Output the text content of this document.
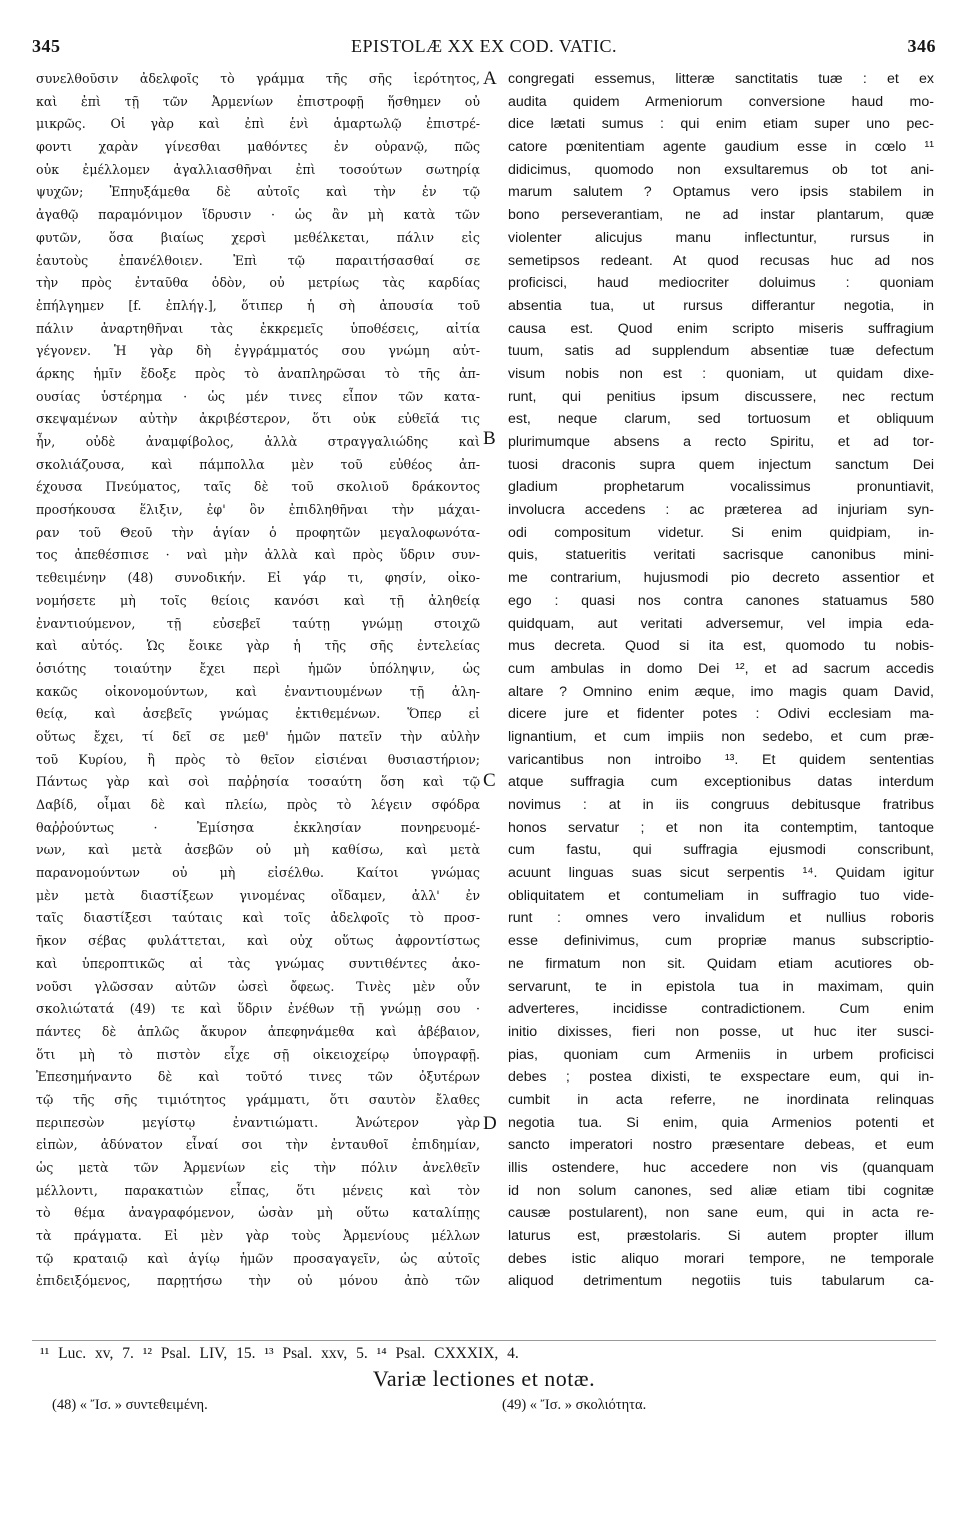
345	EPISTOLÆ XX EX COD. VATIC.	346
συνελθοῦσιν ἀδελφοῖς τὸ γράμμα τῆς σῆς ἱερότητος,
καὶ ἐπὶ τῇ τῶν Ἀρμενίων ἐπιστροφῇ ἥσθημεν οὐ
μικρῶς. Οἱ γὰρ καὶ ἐπὶ ἑνὶ ἁμαρτωλῷ ἐπιστρέ-
φοντι χαρὰν γίνεσθαι μαθόντες ἐν οὐρανῷ, πῶς
οὐκ ἐμέλλομεν ἀγαλλιασθῆναι ἐπὶ τοσούτων σωτηρίᾳ
ψυχῶν; Ἐπηυξάμεθα δὲ αὐτοῖς καὶ τὴν ἐν τῷ
ἀγαθῷ παραμόνιμον ἵδρυσιν · ὡς ἂν μὴ κατὰ τῶν
φυτῶν, ὅσα βιαίως χερσὶ μεθέλκεται, πάλιν εἰς
ἑαυτοὺς ἐπανέλθοιεν. Ἐπὶ τῷ παραιτήσασθαί σε
τὴν πρὸς ἐνταῦθα ὁδὸν, οὐ μετρίως τὰς καρδίας
ἐπήλγημεν [f. ἐπλήγ.], ὅτιπερ ἡ σὴ ἀπουσία τοῦ
πάλιν ἀναρτηθῆναι τὰς ἐκκρεμεῖς ὑποθέσεις, αἰτία
γέγονεν. Ἡ γὰρ δὴ ἐγγράμματός σου γνώμη αὐτ-
άρκης ἡμῖν ἔδοξε πρὸς τὸ ἀναπληρῶσαι τὸ τῆς ἀπ-
ουσίας ὑστέρημα · ὡς μέν τινες εἶπον τῶν κατα-
σκεψαμένων αὐτὴν ἀκριβέστερον, ὅτι οὐκ εὐθεῖά τις
ἦν, οὐδὲ ἀναμφίβολος, ἀλλὰ στραγγαλιώδης καὶ
σκολιάζουσα, καὶ πάμπολλα μὲν τοῦ εὐθέος ἀπ-
έχουσα Πνεύματος, ταῖς δὲ τοῦ σκολιοῦ δράκοντος
προσήκουσα ἕλιξιν, ἐφ' ὃν ἐπιδληθῆναι τὴν μάχαι-
ραν τοῦ Θεοῦ τὴν ἁγίαν ὁ προφητῶν μεγαλοφωνότα-
τος ἀπεθέσπισε · ναὶ μὴν ἀλλὰ καὶ πρὸς ὕδριν συν-
τεθειμένην (48) συνοδικήν. Εἰ γάρ τι, φησίν, οἰκο-
νομήσετε μὴ τοῖς θείοις κανόσι καὶ τῇ ἀληθείᾳ
ἐναντιούμενον, τῇ εὐσεβεῖ ταύτῃ γνώμῃ στοιχῶ
καὶ αὐτός. Ὡς ἔοικε γὰρ ἡ τῆς σῆς ἐντελείας
ὁσιότης τοιαύτην ἔχει περὶ ἡμῶν ὑπόληψιν, ὡς
κακῶς οἰκονομούντων, καὶ ἐναντιουμένων τῇ ἀλη-
θείᾳ, καὶ ἀσεβεῖς γνώμας ἐκτιθεμένων. Ὅπερ εἰ
οὕτως ἔχει, τί δεῖ σε μεθ' ἡμῶν πατεῖν τὴν αὐλὴν
τοῦ Κυρίου, ἢ πρὸς τὸ θεῖον εἰσιέναι θυσιαστήριον;
Πάντως γὰρ καὶ σοὶ παῤῥησία τοσαύτη ὅση καὶ τῷ
Δαβίδ, οἶμαι δὲ καὶ πλείω, πρὸς τὸ λέγειν σφόδρα
θαῤῥούντως · Ἐμίσησα ἐκκλησίαν πονηρευομέ-
νων, καὶ μετὰ ἀσεβῶν οὐ μὴ καθίσω, καὶ μετὰ
παρανομούντων οὐ μὴ εἰσέλθω. Καίτοι γνώμας
μὲν μετὰ διαστίξεων γινομένας οἴδαμεν, ἀλλ' ἐν
ταῖς διαστίξεσι ταύταις καὶ τοῖς ἀδελφοῖς τὸ προσ-
ῆκον σέβας φυλάττεται, καὶ οὐχ οὕτως ἀφροντίστως
καὶ ὑπεροπτικῶς αἱ τὰς γνώμας συντιθέντες ἀκο-
νοῦσι γλῶσσαν αὐτῶν ὡσεὶ ὄφεως. Τινὲς μὲν οὖν
σκολιώτατά (49) τε καὶ ὕδριν ἐνέθων τῇ γνώμῃ σου ·
πάντες δὲ ἁπλῶς ἄκυρον ἀπεφηνάμεθα καὶ ἀβέβαιον,
ὅτι μὴ τὸ πιστὸν εἶχε σῇ οἰκειοχείρῳ ὑπογραφῇ.
Ἐπεσημήναντο δὲ καὶ τοῦτό τινες τῶν ὀξυτέρων
τῷ τῆς σῆς τιμιότητος γράμματι, ὅτι σαυτὸν ἔλαθες
περιπεσὼν μεγίστῳ ἐναντιώματι. Ἀνώτερον γὰρ
εἰπὼν, ἀδύνατον εἶναί σοι τὴν ἐνταυθοῖ ἐπιδημίαν,
ὡς μετὰ τῶν Ἀρμενίων εἰς τὴν πόλιν ἀνελθεῖν
μέλλοντι, παρακατιὼν εἶπας, ὅτι μένεις καὶ τὸν
τὸ θέμα ἀναγραφόμενον, ὡσὰν μὴ οὕτω καταλίπῃς
τὰ πράγματα. Εἰ μὲν γὰρ τοὺς Ἀρμενίους μέλλων
τῷ κραταιῷ καὶ ἁγίῳ ἡμῶν προσαγαγεῖν, ὡς αὐτοῖς
ἐπιδειξόμενος, παρῃτήσω τὴν οὐ μόνου ἀπὸ τῶν
congregati essemus, litteræ sanctitatis tuæ : et ex
audita quidem Armeniorum conversione haud mo-
dice lætati sumus : qui enim etiam super uno pec-
catore pœnitentiam agente gaudium esse in cœlo ¹¹
didicimus, quomodo non exsultaremus ob tot ani-
marum salutem ? Optamus vero ipsis stabilem in
bono perseverantiam, ne ad instar plantarum, quæ
violenter alicujus manu inflectuntur, rursus in
semetipsos redeant. At quod recusas huc ad nos
proficisci, haud mediocriter doluimus : quoniam
absentia tua, ut rursus differantur negotia, in
causa est. Quod enim scripto miseris suffragium
tuum, satis ad supplendum absentiæ tuæ defectum
visum nobis non est : quoniam, ut quidam dixe-
runt, qui penitius ipsum discussere, nec rectum
est, neque clarum, sed tortuosum et obliquum
plurimumque absens a recto Spiritu, et ad tor-
tuosi draconis supra quem injectum sanctum Dei
gladium prophetarum vocalissimus pronuntiavit,
involucra accedens : ac præterea ad injuriam syn-
odi compositum videtur. Si enim quidpiam, in-
quis, statueritis veritati sacrisque canonibus mini-
me contrarium, hujusmodi pio decreto assentior et
ego : quasi nos contra canones statuamus 580
quidquam, aut veritati adversemur, vel impia eda-
mus decreta. Quod si ita est, quomodo tu nobis-
cum ambulas in domo Dei ¹², et ad sacrum accedis
altare ? Omnino enim æque, imo magis quam David,
dicere jure et fidenter potes : Odivi ecclesiam ma-
lignantium, et cum impiis non sedebo, et cum præ-
varicantibus non introibo ¹³. Et quidem sententias
atque suffragia cum exceptionibus datas interdum
novimus : at in iis congruus debitusque fratribus
honos servatur ; et non ita contemptim, tantoque
cum fastu, qui suffragia ejusmodi conscribunt,
acuunt linguas suas sicut serpentis ¹⁴. Quidam igitur
obliquitatem et contumeliam in suffragio tuo vide-
runt : omnes vero invalidum et nullius roboris
esse definivimus, cum propriæ manus subscriptio-
ne firmatum non sit. Quidam etiam acutiores ob-
servarunt, te in epistola tua in maximam, quin
adverteres, incidisse contradictionem. Cum enim
initio dixisses, fieri non posse, ut huc iter susci-
pias, quoniam cum Armeniis in urbem proficisci
debes ; postea dixisti, te exspectare eum, qui in-
cumbit in acta referre, ne inordinata relinquas
negotia tua. Si enim, quia Armenios potenti et
sancto imperatori nostro præsentare debeas, et eum
illis ostendere, huc accedere non vis (quanquam
id non solum canones, sed aliæ etiam tibi cognitæ
causæ postularent), non sane eum, qui in acta re-
laturus est, præstolaris. Si autem propter illum
debes istic aliquo morari tempore, ne temporale
aliquod detrimentum negotiis tuis tabularum ca-
A
B
C
D
¹¹ Luc. xv, 7. ¹² Psal. LIV, 15. ¹³ Psal. xxv, 5. ¹⁴ Psal. CXXXIX, 4.
Variæ lectiones et notæ.
(48) « Ἴσ. » συντεθειμένη.	(49) « Ἴσ. » σκολιότητα.
